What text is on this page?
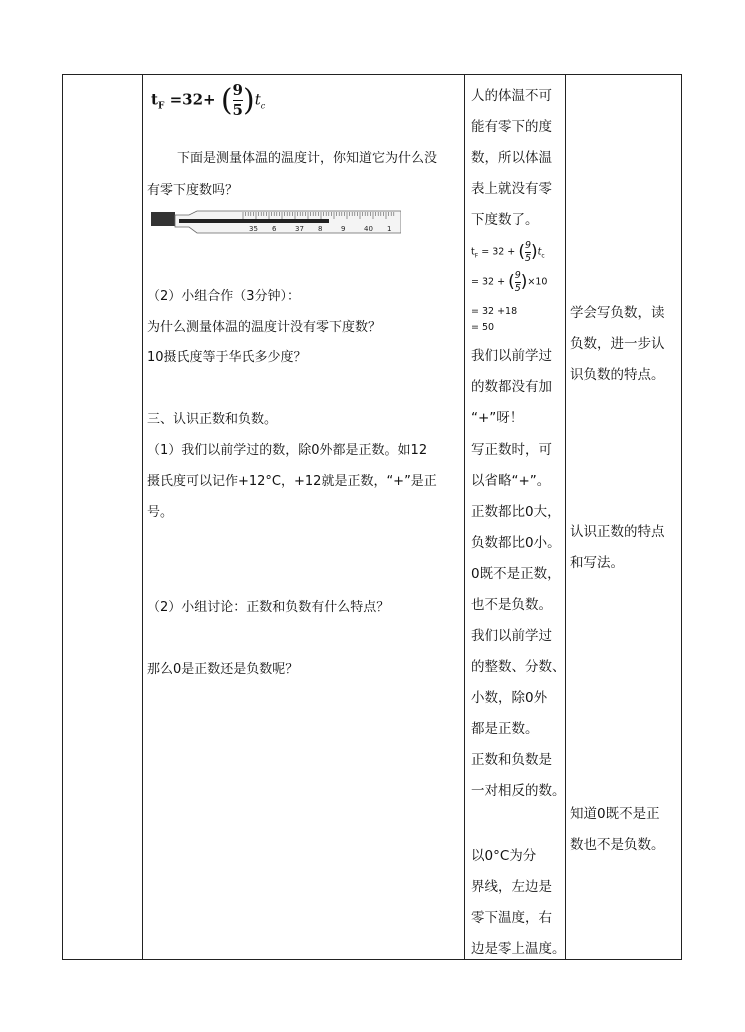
$t_F =32+$ ( $\frac{9}{5} )t_c$
下面是测量体温的温度计，你知道它为什么没
有零下度数吗？
35 6	37 8	9	40 1
（2）小组合作（3分钟）：
为什么测量体温的温度计没有零下度数？
10摄氏度等于华氏多少度？
三、认识正数和负数。
（1）我们以前学过的数，除0外都是正数。如12
摄氏度可以记作+12°C，+12就是正数，“+”是正
号。
（2）小组讨论：正数和负数有什么特点？
那么0是正数还是负数呢？
人的体温不可
能有零下的度
数，所以体温
表上就没有零
下度数了。
$t_F = 32$ + ( $\frac{9}{5} )t_c$
= 32 + ( $\frac{9}{5} )\times 10$
= 32 +18
= 50
我们以前学过
的数都没有加
“+”呀！
写正数时，可
以省略“+”。
正数都比0大，
负数都比0小。
0既不是正数，
也不是负数。
我们以前学过
的整数、分数、
小数，除0外
都是正数。
正数和负数是
一对相反的数。
以0°C为分
界线，左边是
零下温度，右
边是零上温度。
学会写负数，读
负数，进一步认
识负数的特点。
认识正数的特点
和写法。
知道0既不是正
数也不是负数。
